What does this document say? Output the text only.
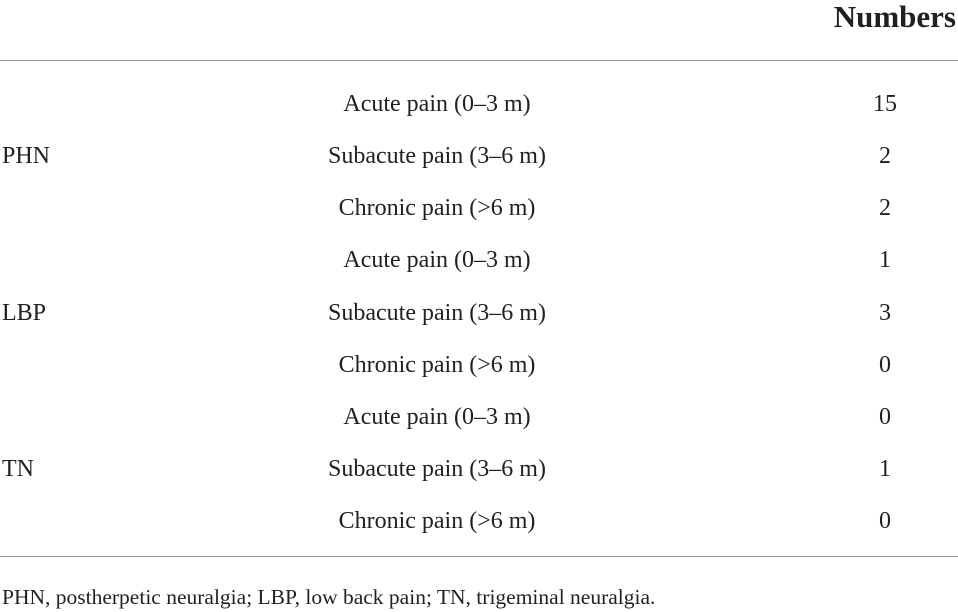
Numbers
Acute pain (0–3 m)	15
PHN	Subacute pain (3–6 m)	2
Chronic pain (>6 m)	2
Acute pain (0–3 m)	1
LBP	Subacute pain (3–6 m)	3
Chronic pain (>6 m)	0
Acute pain (0–3 m)	0
TN	Subacute pain (3–6 m)	1
Chronic pain (>6 m)	0
PHN, postherpetic neuralgia; LBP, low back pain; TN, trigeminal neuralgia.
